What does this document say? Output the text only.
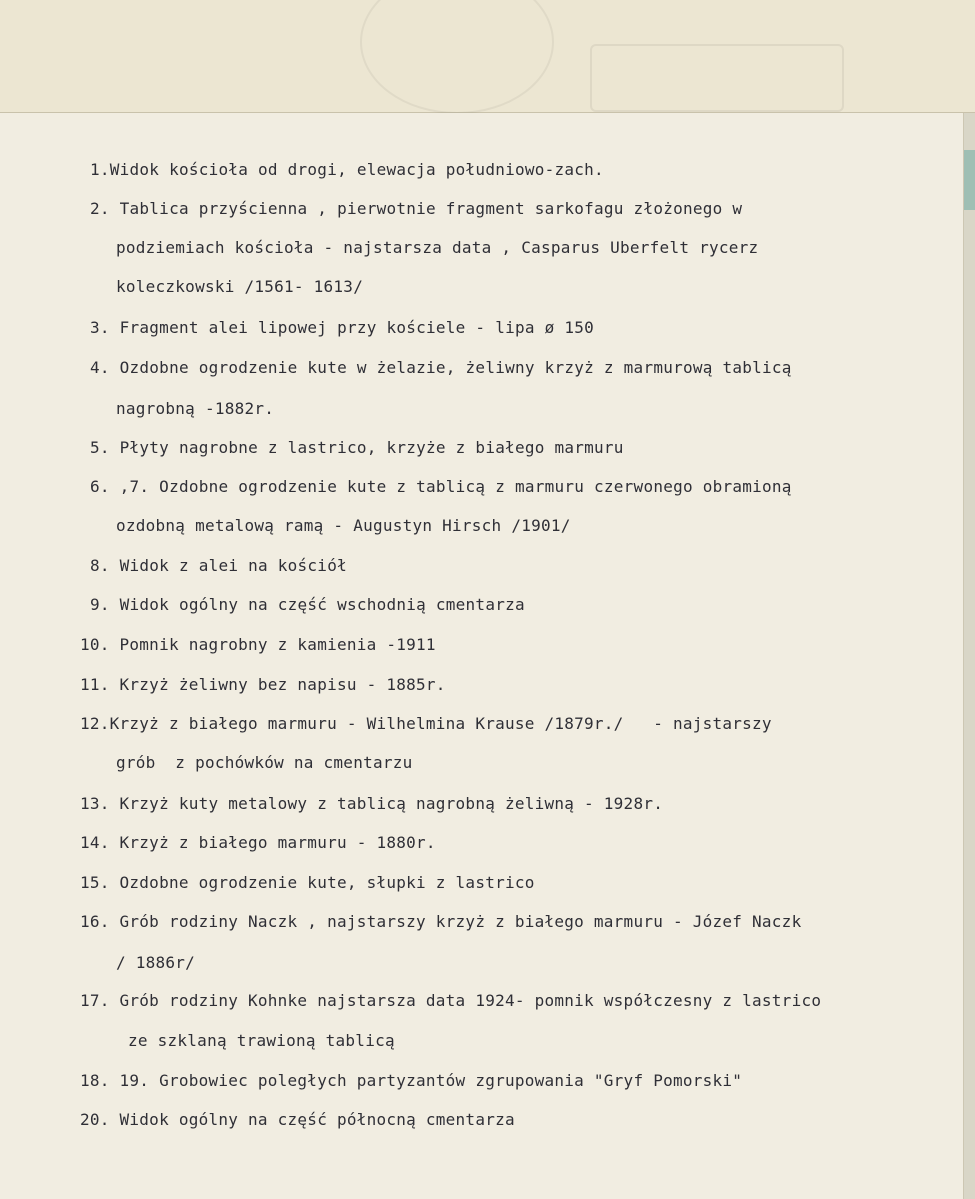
1.Widok kościoła od drogi, elewacja południowo-zach.

2. Tablica przyścienna , pierwotnie fragment sarkofagu złożonego w

podziemiach kościoła - najstarsza data , Casparus Uberfelt rycerz

koleczkowski /1561- 1613/

3. Fragment alei lipowej przy kościele - lipa ø 150

4. Ozdobne ogrodzenie kute w żelazie, żeliwny krzyż z marmurową tablicą

nagrobną -1882r.

5. Płyty nagrobne z lastrico, krzyże z białego marmuru

6. ,7. Ozdobne ogrodzenie kute z tablicą z marmuru czerwonego obramioną

ozdobną metalową ramą - Augustyn Hirsch /1901/

8. Widok z alei na kościół

9. Widok ogólny na część wschodnią cmentarza

10. Pomnik nagrobny z kamienia -1911

11. Krzyż żeliwny bez napisu - 1885r.

12.Krzyż z białego marmuru - Wilhelmina Krause /1879r./   - najstarszy

grób  z pochówków na cmentarzu

13. Krzyż kuty metalowy z tablicą nagrobną żeliwną - 1928r.

14. Krzyż z białego marmuru - 1880r.

15. Ozdobne ogrodzenie kute, słupki z lastrico

16. Grób rodziny Naczk , najstarszy krzyż z białego marmuru - Józef Naczk

/ 1886r/

17. Grób rodziny Kohnke najstarsza data 1924- pomnik współczesny z lastrico

ze szklaną trawioną tablicą

18. 19. Grobowiec poległych partyzantów zgrupowania "Gryf Pomorski"

20. Widok ogólny na część północną cmentarza
